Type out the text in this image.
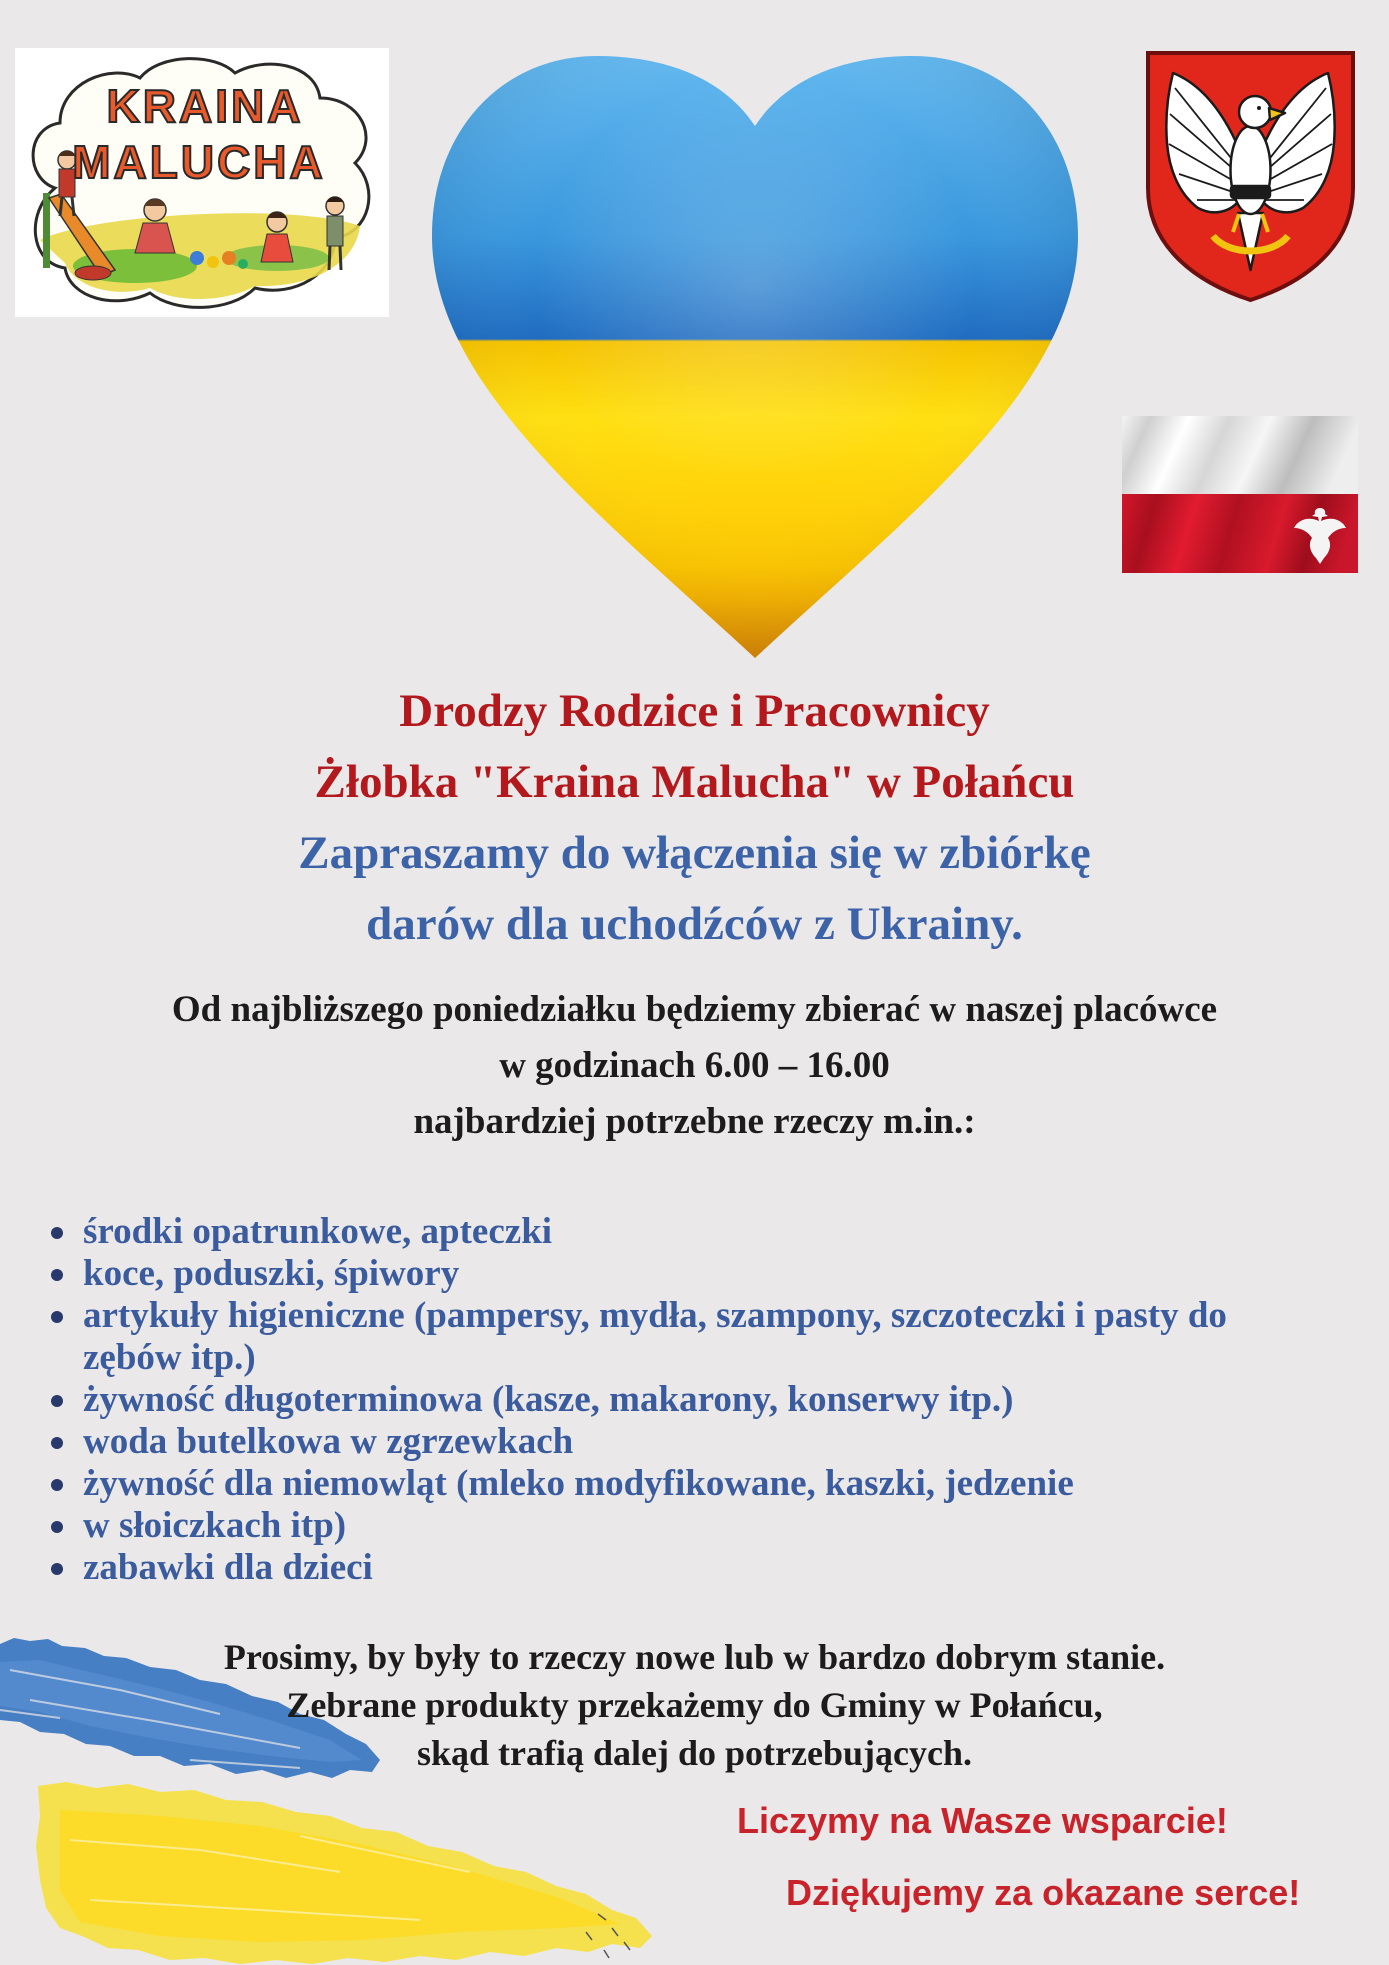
KRAINA
MALUCHA
Drodzy Rodzice i Pracownicy
Żłobka "Kraina Malucha" w Połańcu
Zapraszamy do włączenia się w zbiórkę
darów dla uchodźców z Ukrainy.
Od najbliższego poniedziałku będziemy zbierać w naszej placówce
w godzinach 6.00 – 16.00
najbardziej potrzebne rzeczy m.in.:
środki opatrunkowe, apteczki
koce, poduszki, śpiwory
artykuły higieniczne (pampersy, mydła, szampony, szczoteczki i pasty do
zębów itp.)
żywność długoterminowa (kasze, makarony, konserwy itp.)
woda butelkowa w zgrzewkach
żywność dla niemowląt (mleko modyfikowane, kaszki, jedzenie
w słoiczkach itp)
zabawki dla dzieci
Prosimy, by były to rzeczy nowe lub w bardzo dobrym stanie.
Zebrane produkty przekażemy do Gminy w Połańcu,
skąd trafią dalej do potrzebujących.
Liczymy na Wasze wsparcie!
Dziękujemy za okazane serce!
